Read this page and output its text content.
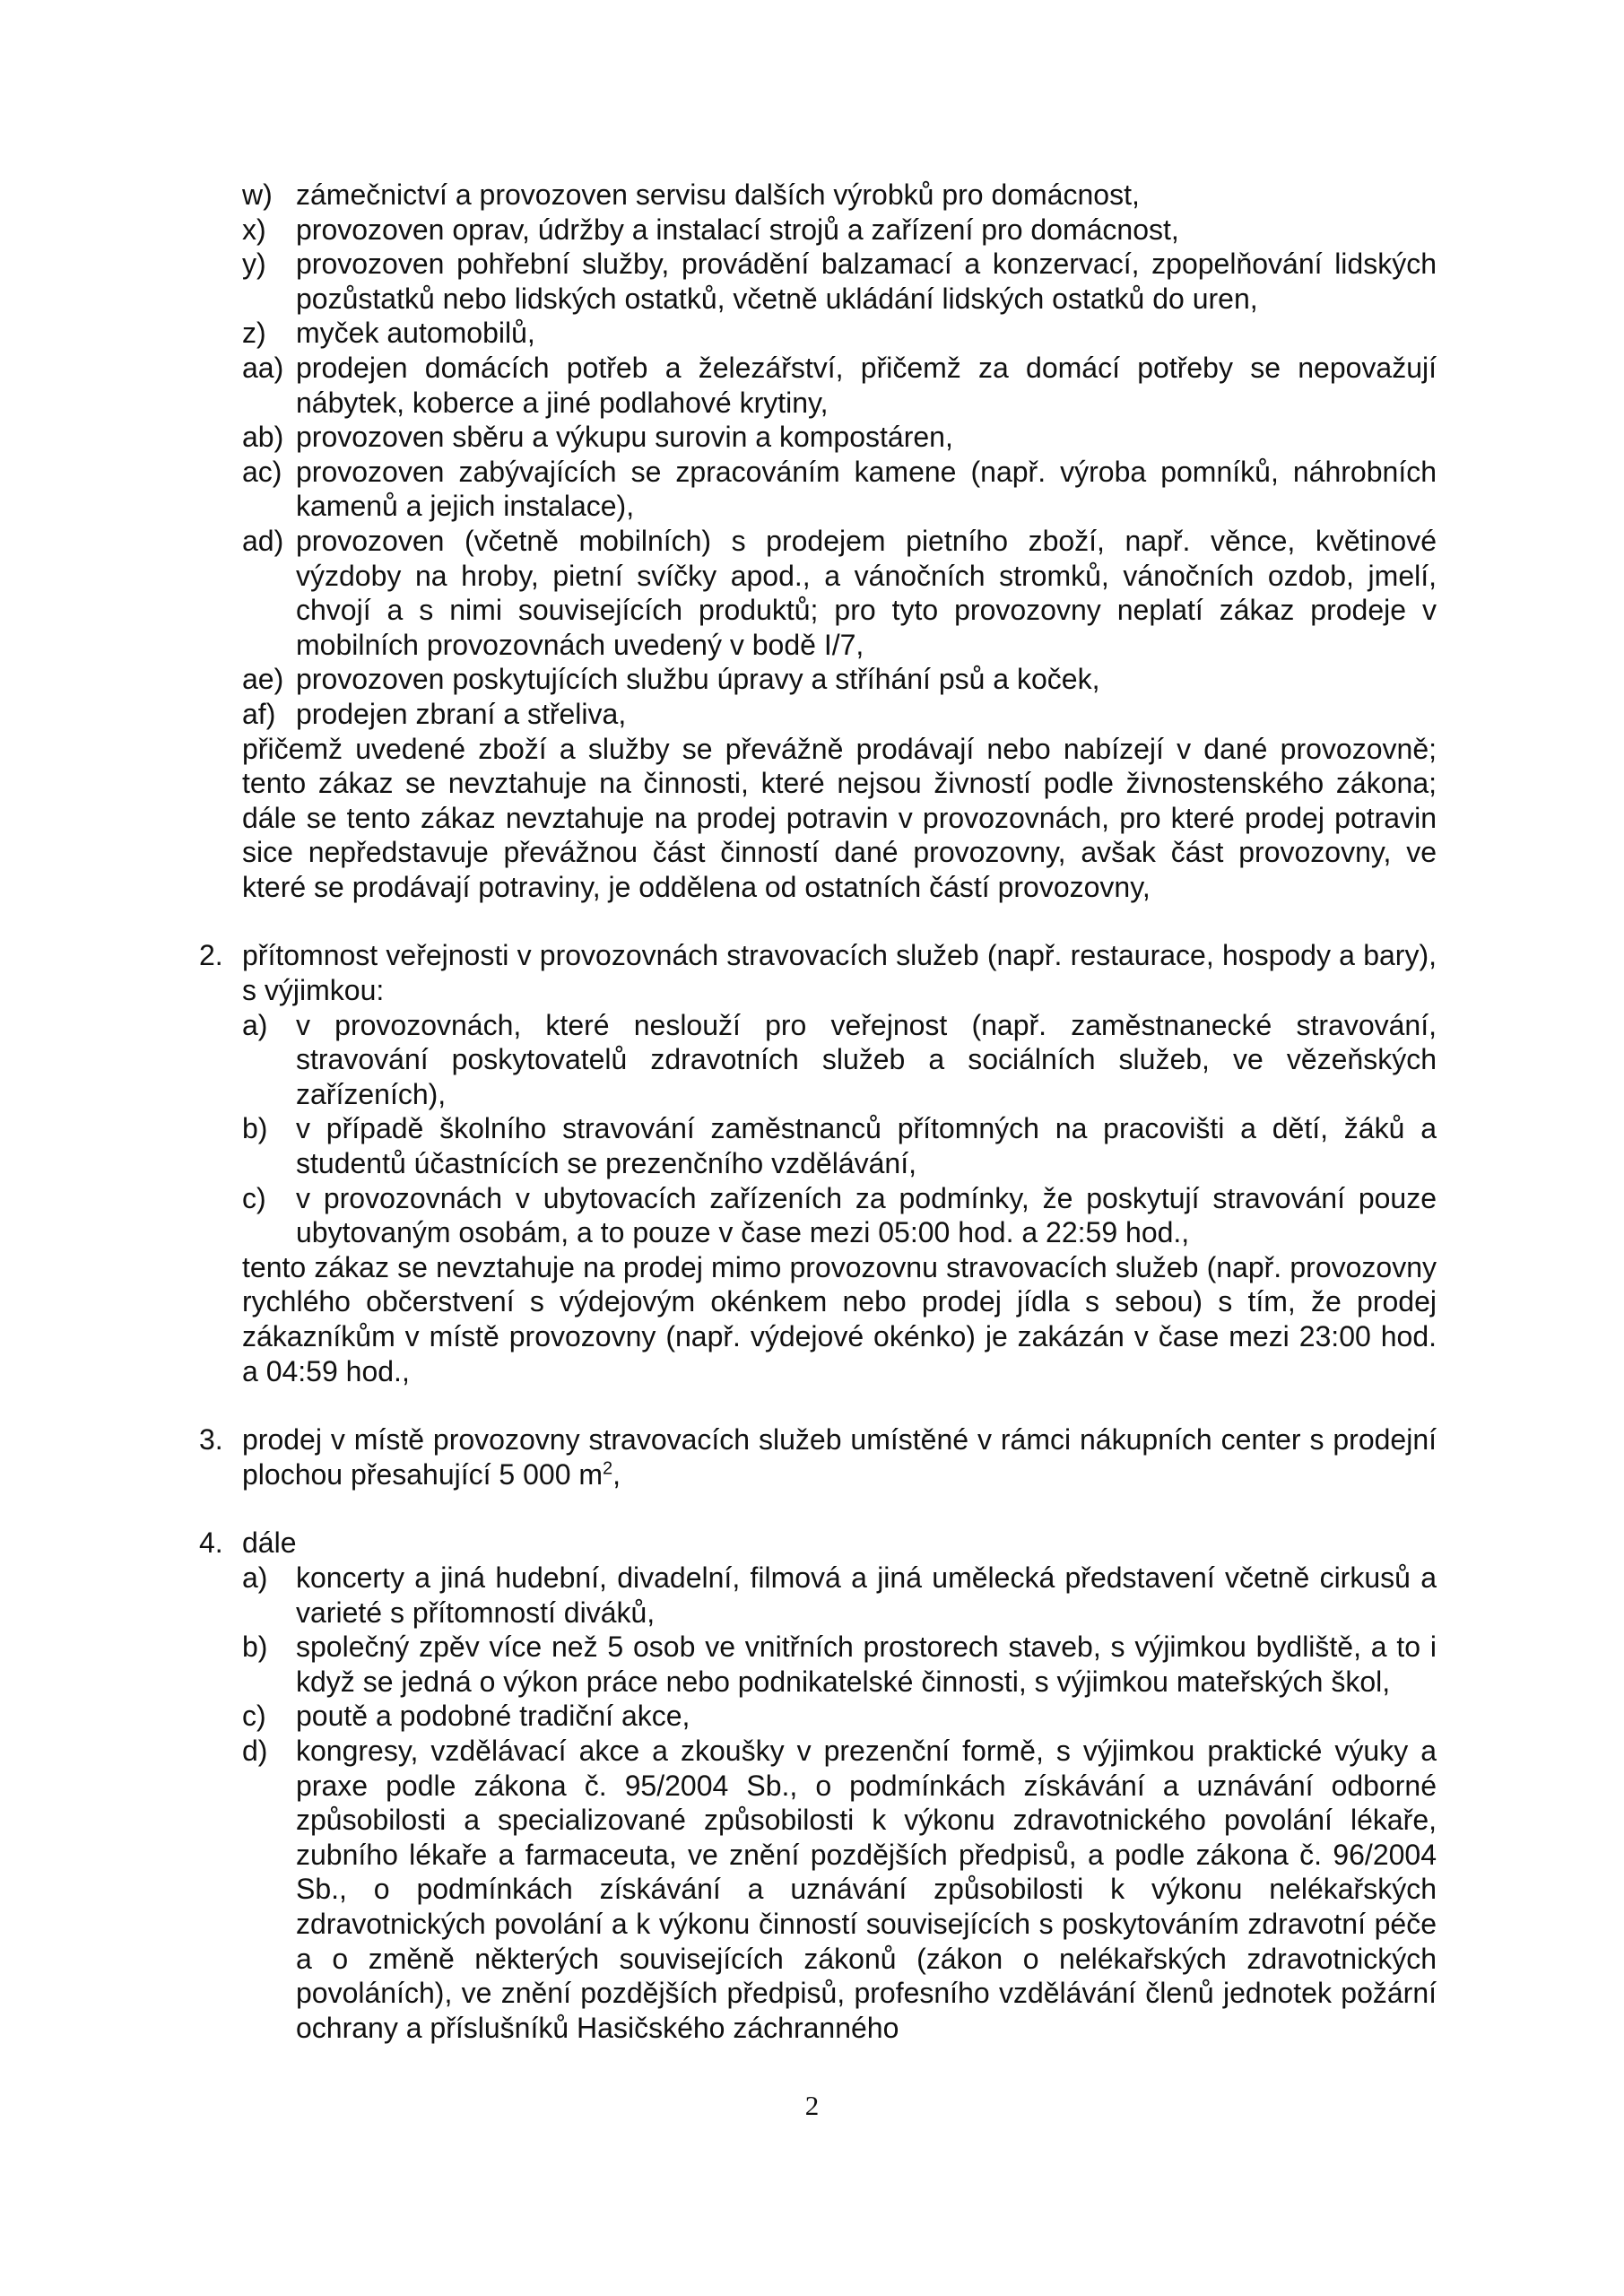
w) zámečnictví a provozoven servisu dalších výrobků pro domácnost,
x)	provozoven oprav, údržby a instalací strojů a zařízení pro domácnost,
y)	provozoven pohřební služby, provádění balzamací a konzervací, zpopelňování lidských pozůstatků nebo lidských ostatků, včetně ukládání lidských ostatků do uren,
z)	myček automobilů,
aa) prodejen domácích potřeb a železářství, přičemž za domácí potřeby se nepovažují nábytek, koberce a jiné podlahové krytiny,
ab) provozoven sběru a výkupu surovin a kompostáren,
ac) provozoven zabývajících se zpracováním kamene (např. výroba pomníků, náhrobních kamenů a jejich instalace),
ad) provozoven (včetně mobilních) s prodejem pietního zboží, např. věnce, květinové výzdoby na hroby, pietní svíčky apod., a vánočních stromků, vánočních ozdob, jmelí, chvojí a s nimi souvisejících produktů; pro tyto provozovny neplatí zákaz prodeje v mobilních provozovnách uvedený v bodě I/7,
ae) provozoven poskytujících službu úpravy a stříhání psů a koček,
af) prodejen zbraní a střeliva,
přičemž uvedené zboží a služby se převážně prodávají nebo nabízejí v dané provozovně; tento zákaz se nevztahuje na činnosti, které nejsou živností podle živnostenského zákona; dále se tento zákaz nevztahuje na prodej potravin v provozovnách, pro které prodej potravin sice nepředstavuje převážnou část činností dané provozovny, avšak část provozovny, ve které se prodávají potraviny, je oddělena od ostatních částí provozovny,
2. přítomnost veřejnosti v provozovnách stravovacích služeb (např. restaurace, hospody a bary), s výjimkou:
a) v provozovnách, které neslouží pro veřejnost (např. zaměstnanecké stravování, stravování poskytovatelů zdravotních služeb a sociálních služeb, ve vězeňských zařízeních),
b) v případě školního stravování zaměstnanců přítomných na pracovišti a dětí, žáků a studentů účastnících se prezenčního vzdělávání,
c)	v provozovnách v ubytovacích zařízeních za podmínky, že poskytují stravování pouze ubytovaným osobám, a to pouze v čase mezi 05:00 hod. a 22:59 hod.,
tento zákaz se nevztahuje na prodej mimo provozovnu stravovacích služeb (např. provozovny rychlého občerstvení s výdejovým okénkem nebo prodej jídla s sebou) s tím, že prodej zákazníkům v místě provozovny (např. výdejové okénko) je zakázán v čase mezi 23:00 hod. a 04:59 hod.,
3. prodej v místě provozovny stravovacích služeb umístěné v rámci nákupních center s prodejní plochou přesahující 5 000 $m^2$,
4. dále
a) koncerty a jiná hudební, divadelní, filmová a jiná umělecká představení včetně cirkusů a varieté s přítomností diváků,
b) společný zpěv více než 5 osob ve vnitřních prostorech staveb, s výjimkou bydliště, a to i když se jedná o výkon práce nebo podnikatelské činnosti, s výjimkou mateřských škol,
c)	poutě a podobné tradiční akce,
d) kongresy, vzdělávací akce a zkoušky v prezenční formě, s výjimkou praktické výuky a praxe podle zákona č. 95/2004 Sb., o podmínkách získávání a uznávání odborné způsobilosti a specializované způsobilosti k výkonu zdravotnického povolání lékaře, zubního lékaře a farmaceuta, ve znění pozdějších předpisů, a podle zákona č. 96/2004 Sb., o podmínkách získávání a uznávání způsobilosti k výkonu nelékařských zdravotnických povolání a k výkonu činností souvisejících s poskytováním zdravotní péče a o změně některých souvisejících zákonů (zákon o nelékařských zdravotnických povoláních), ve znění pozdějších předpisů, profesního vzdělávání členů jednotek požární ochrany a příslušníků Hasičského záchranného
2
